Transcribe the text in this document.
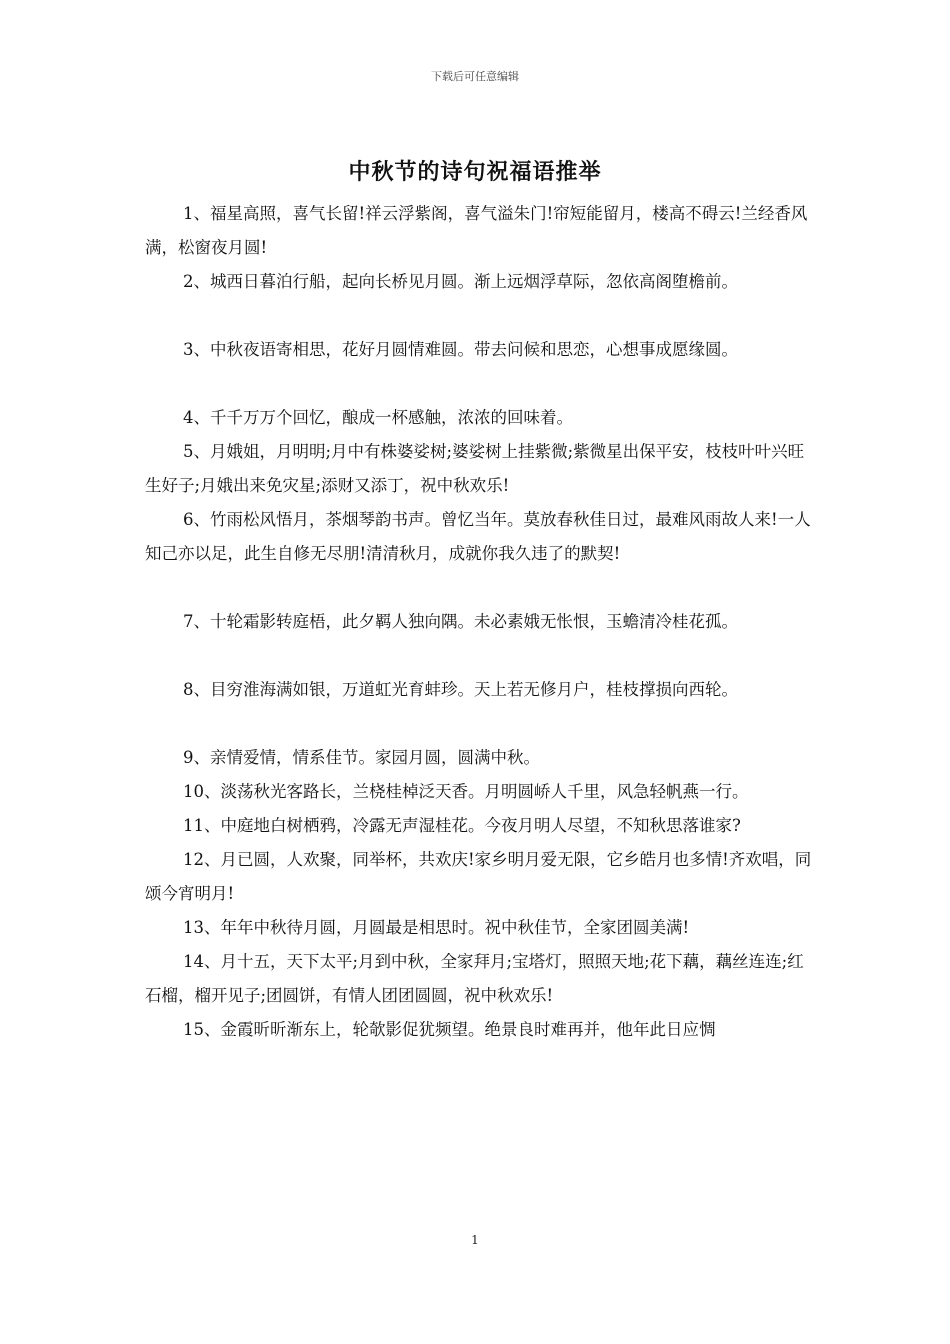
下载后可任意编辑
中秋节的诗句祝福语推举

1、福星高照，喜气长留!祥云浮紫阁，喜气溢朱门!帘短能留月，楼高不碍云!兰经香风满，松窗夜月圆!

2、城西日暮泊行船，起向长桥见月圆。渐上远烟浮草际，忽依高阁堕檐前。

3、中秋夜语寄相思，花好月圆情难圆。带去问候和思恋，心想事成愿缘圆。

4、千千万万个回忆，酿成一杯感触，浓浓的回味着。

5、月娥姐，月明明;月中有株婆娑树;婆娑树上挂紫微;紫微星出保平安，枝枝叶叶兴旺生好子;月娥出来免灾星;添财又添丁，祝中秋欢乐!

6、竹雨松风悟月，茶烟琴韵书声。曾忆当年。莫放春秋佳日过，最难风雨故人来!一人知己亦以足，此生自修无尽朋!清清秋月，成就你我久违了的默契!

7、十轮霜影转庭梧，此夕羁人独向隅。未必素娥无怅恨，玉蟾清冷桂花孤。

8、目穷淮海满如银，万道虹光育蚌珍。天上若无修月户，桂枝撑损向西轮。

9、亲情爱情，情系佳节。家园月圆，圆满中秋。

10、淡荡秋光客路长，兰桡桂棹泛天香。月明圆峤人千里，风急轻帆燕一行。

11、中庭地白树栖鸦，冷露无声湿桂花。今夜月明人尽望，不知秋思落谁家?

12、月已圆，人欢聚，同举杯，共欢庆!家乡明月爱无限，它乡皓月也多情!齐欢唱，同颂今宵明月!

13、年年中秋待月圆，月圆最是相思时。祝中秋佳节，全家团圆美满!

14、月十五，天下太平;月到中秋，全家拜月;宝塔灯，照照天地;花下藕，藕丝连连;红石榴，榴开见子;团圆饼，有情人团团圆圆，祝中秋欢乐!

15、金霞昕昕渐东上，轮欹影促犹频望。绝景良时难再并，他年此日应惆

1
